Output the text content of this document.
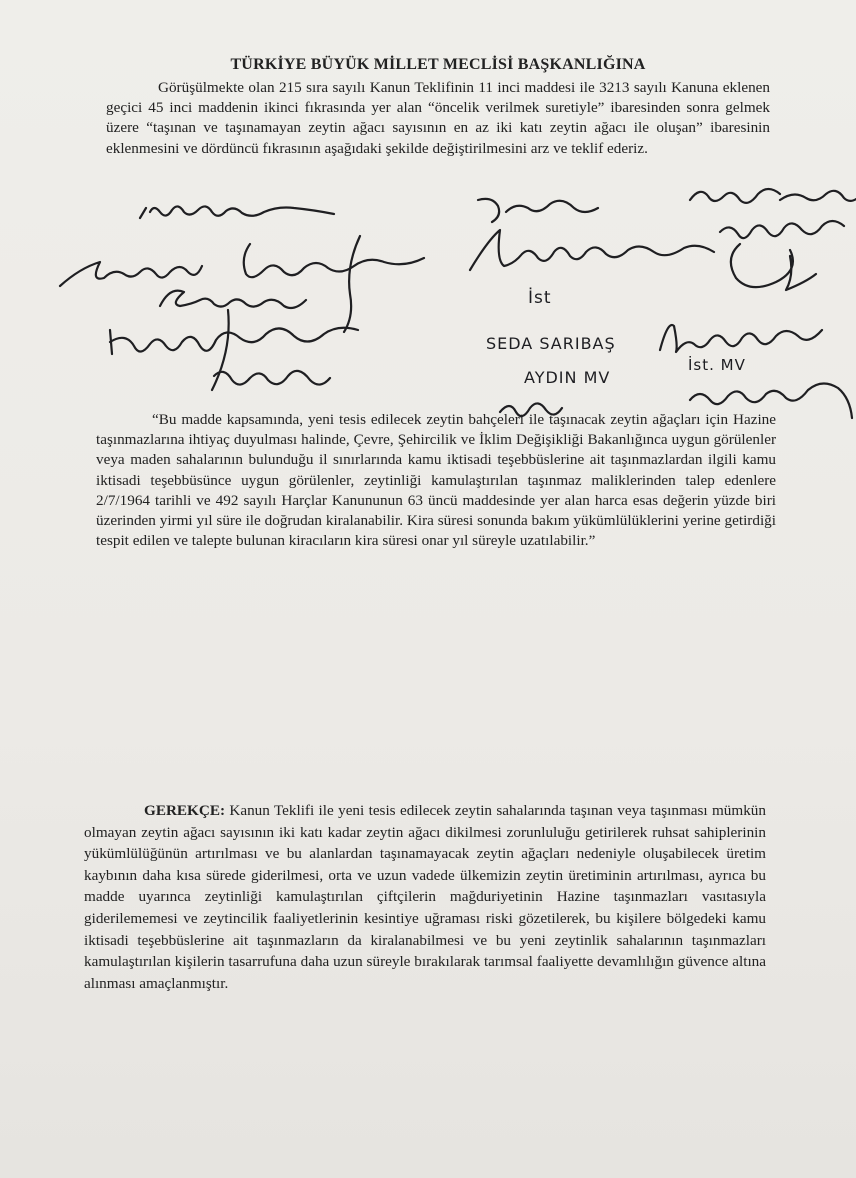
TÜRKİYE BÜYÜK MİLLET MECLİSİ BAŞKANLIĞINA
Görüşülmekte olan 215 sıra sayılı Kanun Teklifinin 11 inci maddesi ile 3213 sayılı Kanuna eklenen geçici 45 inci maddenin ikinci fıkrasında yer alan “öncelik verilmek suretiyle” ibaresinden sonra gelmek üzere “taşınan ve taşınamayan zeytin ağacı sayısının en az iki katı zeytin ağacı ile oluşan” ibaresinin eklenmesini ve dördüncü fıkrasının aşağıdaki şekilde değiştirilmesini arz ve teklif ederiz.
İst
SEDA SARIBAŞ
AYDIN MV
İst. MV
“Bu madde kapsamında, yeni tesis edilecek zeytin bahçeleri ile taşınacak zeytin ağaçları için Hazine taşınmazlarına ihtiyaç duyulması halinde, Çevre, Şehircilik ve İklim Değişikliği Bakanlığınca uygun görülenler veya maden sahalarının bulunduğu il sınırlarında kamu iktisadi teşebbüslerine ait taşınmazlardan ilgili kamu iktisadi teşebbüsünce uygun görülenler, zeytinliği kamulaştırılan taşınmaz maliklerinden talep edenlere 2/7/1964 tarihli ve 492 sayılı Harçlar Kanununun 63 üncü maddesinde yer alan harca esas değerin yüzde biri üzerinden yirmi yıl süre ile doğrudan kiralanabilir. Kira süresi sonunda bakım yükümlülüklerini yerine getirdiği tespit edilen ve talepte bulunan kiracıların kira süresi onar yıl süreyle uzatılabilir.”
GEREKÇE: Kanun Teklifi ile yeni tesis edilecek zeytin sahalarında taşınan veya taşınması mümkün olmayan zeytin ağacı sayısının iki katı kadar zeytin ağacı dikilmesi zorunluluğu getirilerek ruhsat sahiplerinin yükümlülüğünün artırılması ve bu alanlardan taşınamayacak zeytin ağaçları nedeniyle oluşabilecek üretim kaybının daha kısa sürede giderilmesi, orta ve uzun vadede ülkemizin zeytin üretiminin artırılması, ayrıca bu madde uyarınca zeytinliği kamulaştırılan çiftçilerin mağduriyetinin Hazine taşınmazları vasıtasıyla giderilememesi ve zeytincilik faaliyetlerinin kesintiye uğraması riski gözetilerek, bu kişilere bölgedeki kamu iktisadi teşebbüslerine ait taşınmazların da kiralanabilmesi ve bu yeni zeytinlik sahalarının taşınmazları kamulaştırılan kişilerin tasarrufuna daha uzun süreyle bırakılarak tarımsal faaliyette devamlılığın güvence altına alınması amaçlanmıştır.
